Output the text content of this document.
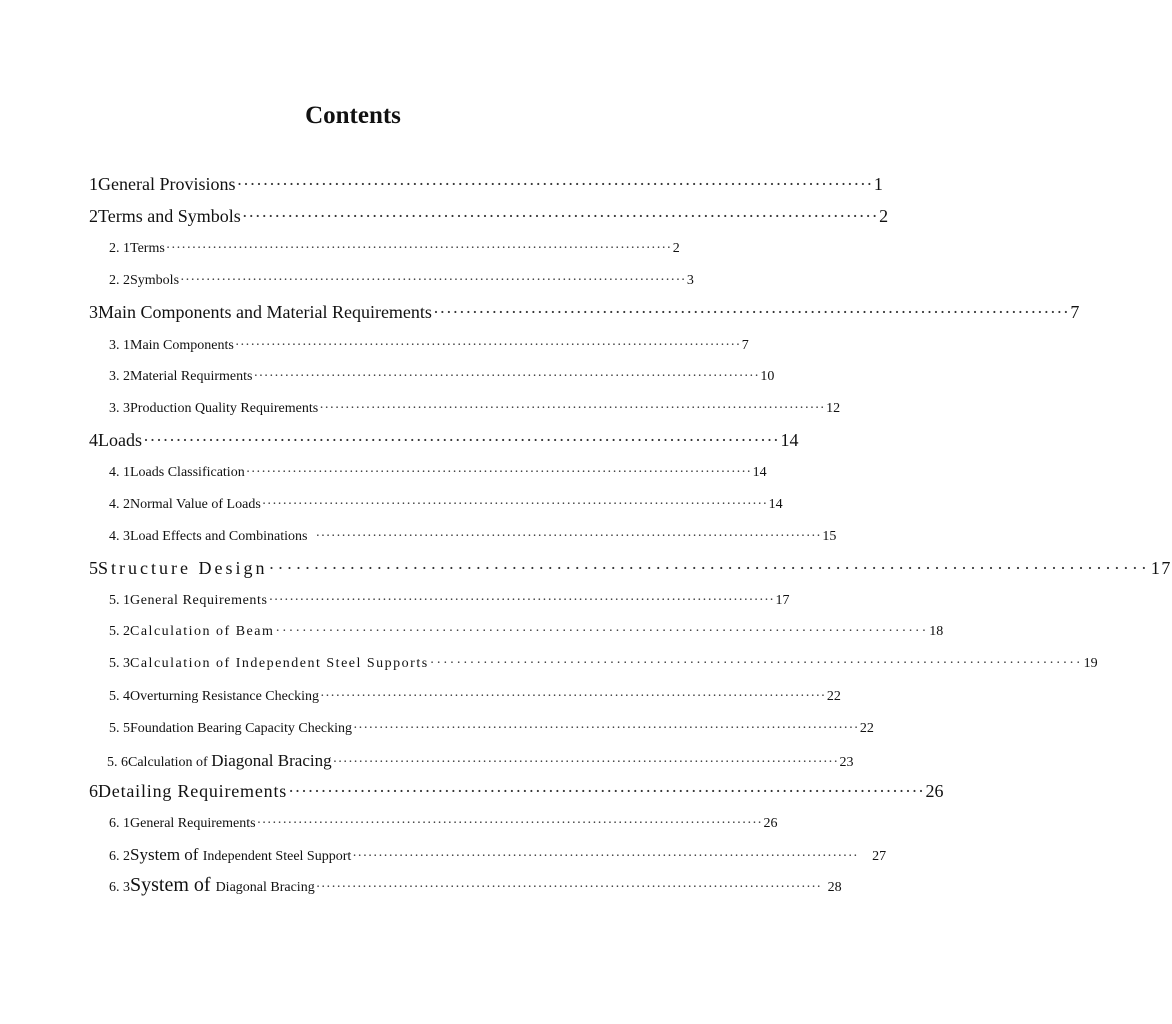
Contents
1 General Provisions ·································································································· 1
2 Terms and Symbols ·································································································· 2
2. 1 Terms ·································································································· 2
2. 2 Symbols ·································································································· 3
3 Main Components and Material Requirements ·································································································· 7
3. 1 Main Components ·································································································· 7
3. 2 Material Requirments ·································································································· 10
3. 3 Production Quality Requirements ·································································································· 12
4 Loads ·································································································· 14
4. 1 Loads Classification ·································································································· 14
4. 2 Normal Value of Loads ·································································································· 14
4. 3 Load Effects and Combinations ·································································································· 15
5 Structure Design ·································································································· 17
5. 1 General Requirements ·································································································· 17
5. 2 Calculation of Beam ·································································································· 18
5. 3 Calculation of Independent Steel Supports ·································································································· 19
5. 4 Overturning Resistance Checking ·································································································· 22
5. 5 Foundation Bearing Capacity Checking ·································································································· 22
5. 6 Calculation of Diagonal Bracing ·································································································· 23
6 Detailing Requirements ·································································································· 26
6. 1 General Requirements ·································································································· 26
6. 2 System of Independent Steel Support ·································································································· 27
6. 3 System of Diagonal Bracing ·································································································· 28
